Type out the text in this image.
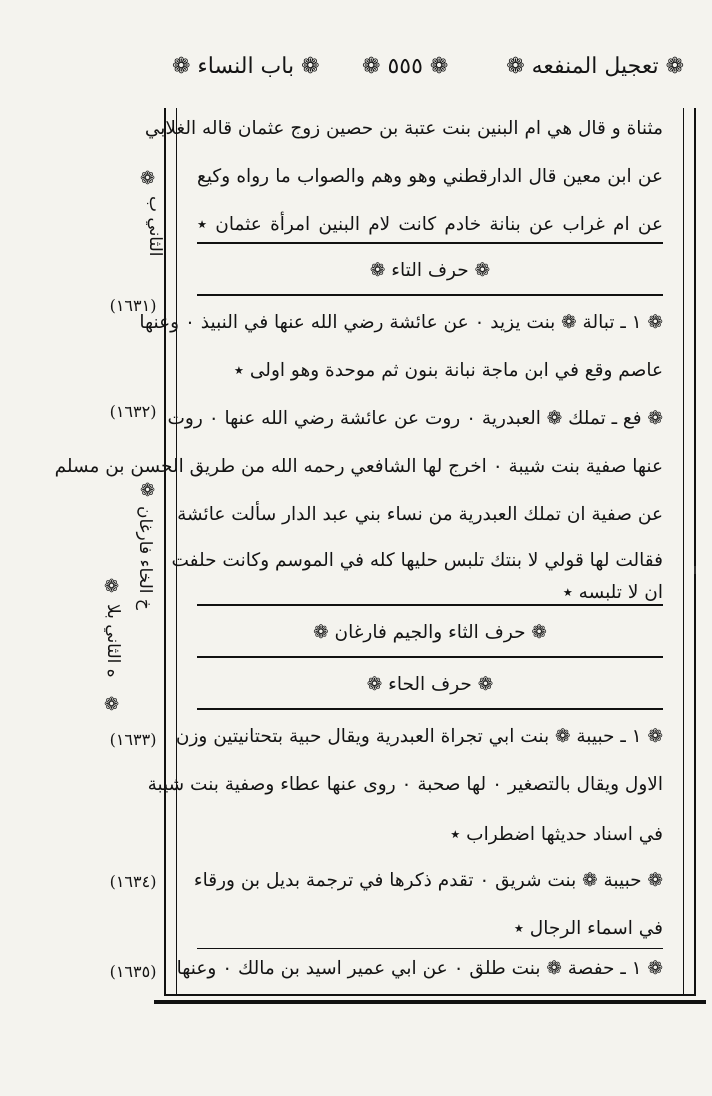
❁ تعجيل المنفعه ❁
❁ ٥٥٥ ❁
❁ باب النساء ❁
مثناة و قال هي ام البنين بنت عتبة بن حصين زوج عثمان قاله الغلابي
عن ابن معين قال الدارقطني وهو وهم والصواب ما رواه وكيع
عن ام غراب عن بنانة خادم كانت لام البنين امرأة عثمان ٭
❁ حرف التاء ❁
❁ ١ ـ تبالة ❁ بنت يزيد ٠ عن عائشة رضي الله عنها في النبيذ ٠ وعنها
عاصم وقع في ابن ماجة نبانة بنون ثم موحدة وهو اولى ٭
❁ فع ـ تملك ❁ العبدرية ٠ روت عن عائشة رضي الله عنها ٠ روت
عنها صفية بنت شيبة ٠ اخرج لها الشافعي رحمه الله من طريق الحسن بن مسلم
عن صفية ان تملك العبدرية من نساء بني عبد الدار سألت عائشة
فقالت لها قولي لا بنتك تلبس حليها كله في الموسم وكانت حلفت
ان لا تلبسه ٭
❁ حرف الثاء والجيم فارغان ❁
❁ حرف الحاء ❁
❁ ١ ـ حبيبة ❁ بنت ابي تجراة العبدرية ويقال حبية بتحتانيتين وزن
الاول ويقال بالتصغير ٠ لها صحبة ٠ روى عنها عطاء وصفية بنت شيبة
في اسناد حديثها اضطراب ٭
❁ حبيبة ❁ بنت شريق ٠ تقدم ذكرها في ترجمة بديل بن ورقاء
في اسماء الرجال ٭
❁ ١ ـ حفصة ❁ بنت طلق ٠ عن ابي عمير اسيد بن مالك ٠ وعنها
❁
الثاني ب
(١٦٣١)
(١٦٣٢)
❁
خ الخاء فارغان
❁
ه الثاني بلا
❁
(١٦٣٣)
(١٦٣٤)
(١٦٣٥)
